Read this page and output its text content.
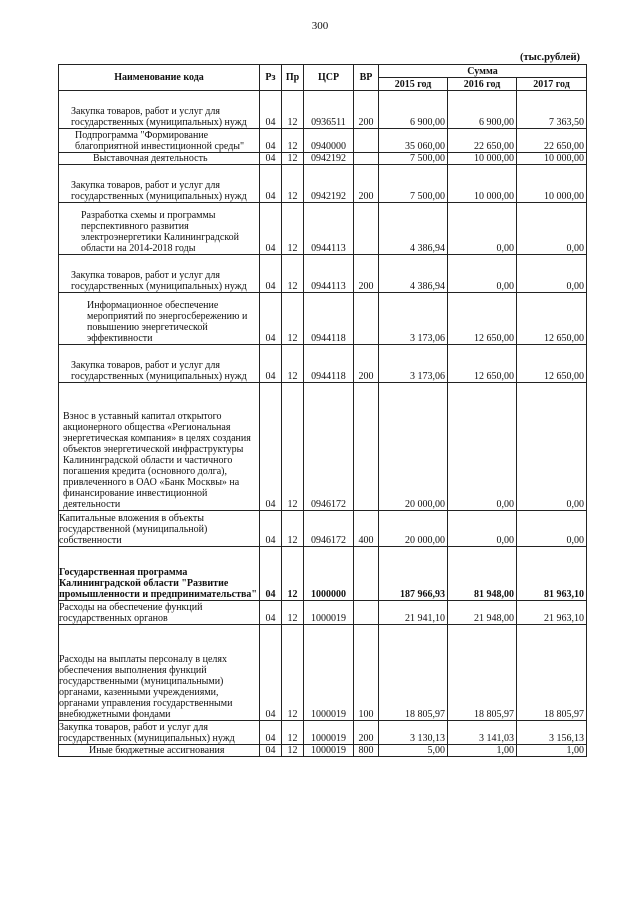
300
(тыс.рублей)
Наименование кода	Рз	Пр	ЦСР	ВР	Сумма		
					2015 год	2016 год	2017 год
Закупка товаров, работ и услуг для государственных (муниципальных) нужд	04	12	0936511	200	6 900,00	6 900,00	7 363,50
Подпрограмма "Формирование благоприятной инвестиционной среды"	04	12	0940000		35 060,00	22 650,00	22 650,00
Выставочная деятельность	04	12	0942192		7 500,00	10 000,00	10 000,00
Закупка товаров, работ и услуг для государственных (муниципальных) нужд	04	12	0942192	200	7 500,00	10 000,00	10 000,00
Разработка схемы и программы перспективного развития электроэнергетики Калининградской области на 2014-2018 годы	04	12	0944113		4 386,94	0,00	0,00
Закупка товаров, работ и услуг для государственных (муниципальных) нужд	04	12	0944113	200	4 386,94	0,00	0,00
Информационное обеспечение мероприятий по энергосбережению и повышению энергетической эффективности	04	12	0944118		3 173,06	12 650,00	12 650,00
Закупка товаров, работ и услуг для государственных (муниципальных) нужд	04	12	0944118	200	3 173,06	12 650,00	12 650,00
Взнос в уставный капитал открытого акционерного общества «Региональная энергетическая компания» в целях создания объектов энергетической инфраструктуры Калининградской области и частичного погашения кредита (основного долга), привлеченного в ОАО «Банк Москвы» на финансирование инвестиционной деятельности	04	12	0946172		20 000,00	0,00	0,00
Капитальные вложения в объекты государственной (муниципальной) собственности	04	12	0946172	400	20 000,00	0,00	0,00
Государственная программа Калининградской области "Развитие промышленности и предпринимательства"	04	12	1000000		187 966,93	81 948,00	81 963,10
Расходы на обеспечение функций государственных органов	04	12	1000019		21 941,10	21 948,00	21 963,10
Расходы на выплаты персоналу в целях обеспечения выполнения функций государственными (муниципальными) органами, казенными учреждениями, органами управления государственными внебюджетными фондами	04	12	1000019	100	18 805,97	18 805,97	18 805,97
Закупка товаров, работ и услуг для государственных (муниципальных) нужд	04	12	1000019	200	3 130,13	3 141,03	3 156,13
Иные бюджетные ассигнования	04	12	1000019	800	5,00	1,00	1,00
